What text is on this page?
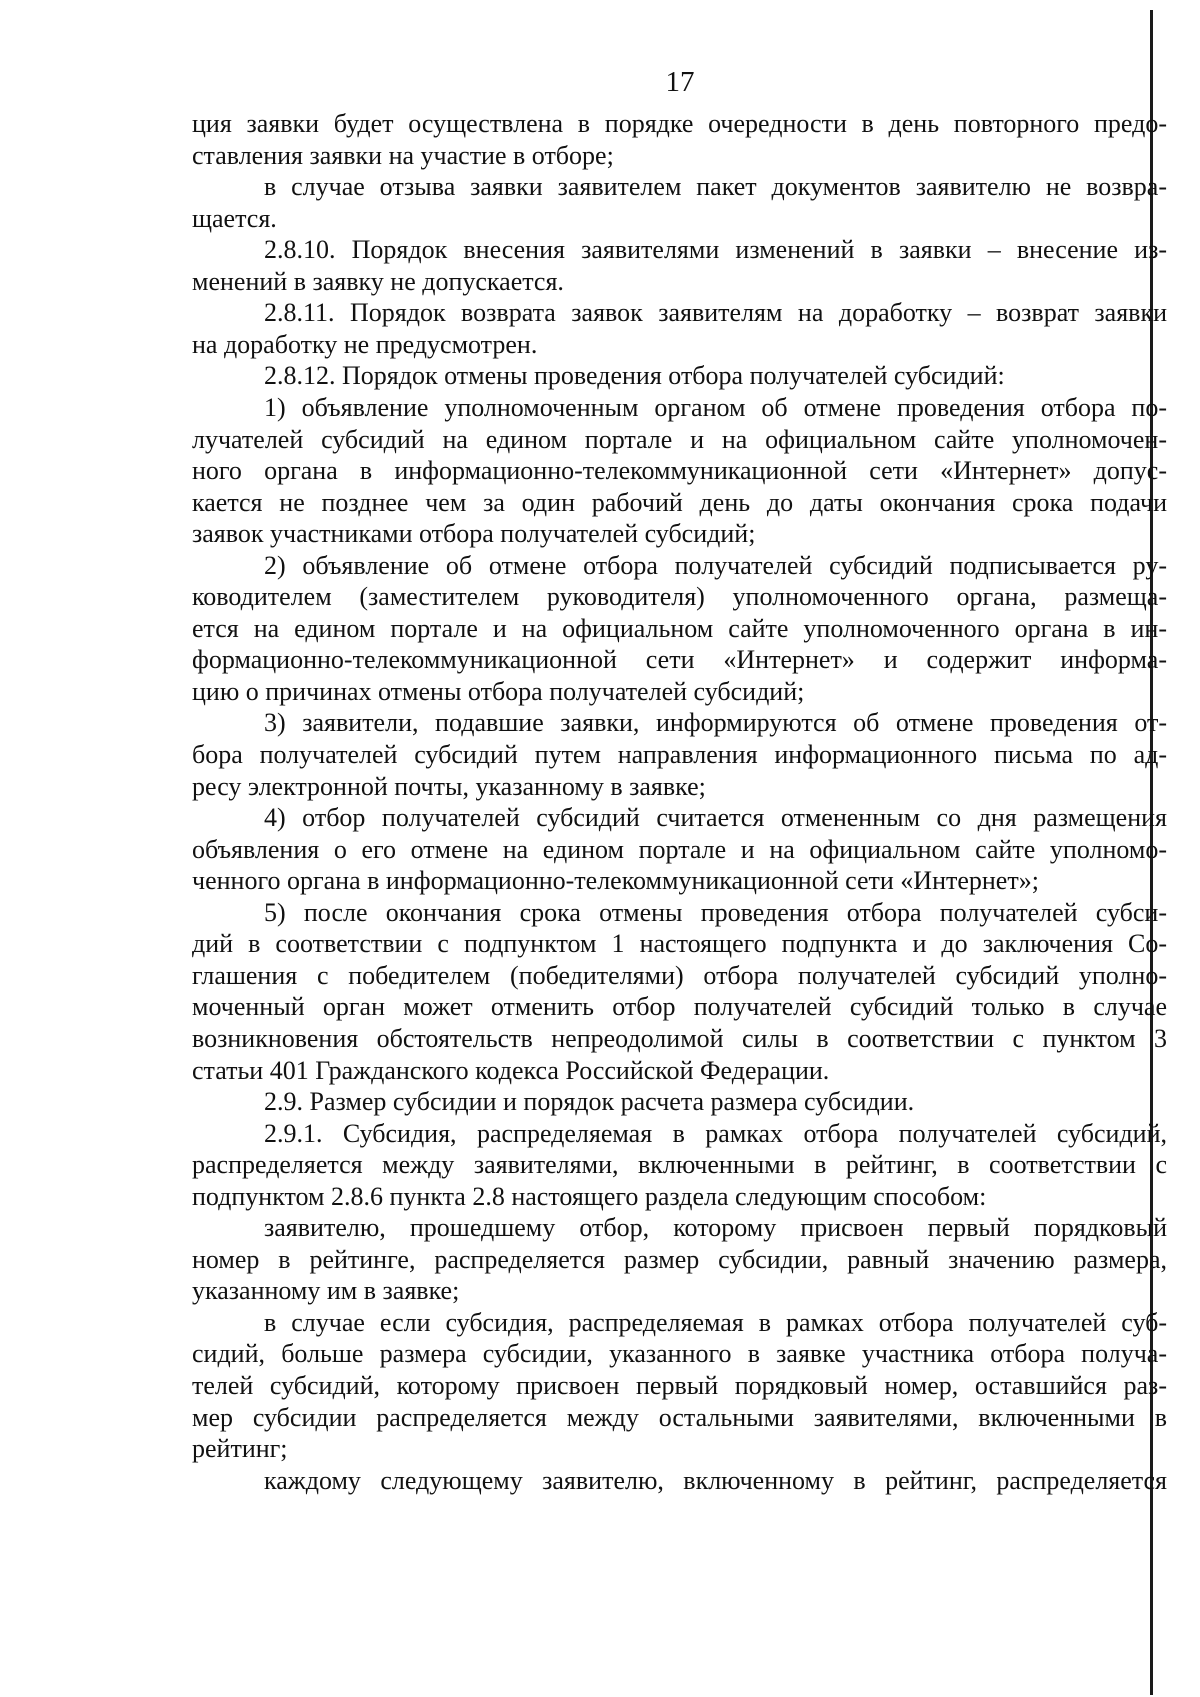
17
ция заявки будет осуществлена в порядке очередности в день повторного предо-
ставления заявки на участие в отборе;
в случае отзыва заявки заявителем пакет документов заявителю не возвра-
щается.
2.8.10. Порядок внесения заявителями изменений в заявки – внесение из-
менений в заявку не допускается.
2.8.11. Порядок возврата заявок заявителям на доработку – возврат заявки
на доработку не предусмотрен.
2.8.12. Порядок отмены проведения отбора получателей субсидий:
1) объявление уполномоченным органом об отмене проведения отбора по-
лучателей субсидий на едином портале и на официальном сайте уполномочен-
ного органа в информационно-телекоммуникационной сети «Интернет» допус-
кается не позднее чем за один рабочий день до даты окончания срока подачи
заявок участниками отбора получателей субсидий;
2) объявление об отмене отбора получателей субсидий подписывается ру-
ководителем (заместителем руководителя) уполномоченного органа, размеща-
ется на едином портале и на официальном сайте уполномоченного органа в ин-
формационно-телекоммуникационной сети «Интернет» и содержит информа-
цию о причинах отмены отбора получателей субсидий;
3) заявители, подавшие заявки, информируются об отмене проведения от-
бора получателей субсидий путем направления информационного письма по ад-
ресу электронной почты, указанному в заявке;
4) отбор получателей субсидий считается отмененным со дня размещения
объявления о его отмене на едином портале и на официальном сайте уполномо-
ченного органа в информационно-телекоммуникационной сети «Интернет»;
5) после окончания срока отмены проведения отбора получателей субси-
дий в соответствии с подпунктом 1 настоящего подпункта и до заключения Со-
глашения с победителем (победителями) отбора получателей субсидий уполно-
моченный орган может отменить отбор получателей субсидий только в случае
возникновения обстоятельств непреодолимой силы в соответствии с пунктом 3
статьи 401 Гражданского кодекса Российской Федерации.
2.9. Размер субсидии и порядок расчета размера субсидии.
2.9.1. Субсидия, распределяемая в рамках отбора получателей субсидий,
распределяется между заявителями, включенными в рейтинг, в соответствии с
подпунктом 2.8.6 пункта 2.8 настоящего раздела следующим способом:
заявителю, прошедшему отбор, которому присвоен первый порядковый
номер в рейтинге, распределяется размер субсидии, равный значению размера,
указанному им в заявке;
в случае если субсидия, распределяемая в рамках отбора получателей суб-
сидий, больше размера субсидии, указанного в заявке участника отбора получа-
телей субсидий, которому присвоен первый порядковый номер, оставшийся раз-
мер субсидии распределяется между остальными заявителями, включенными в
рейтинг;
каждому следующему заявителю, включенному в рейтинг, распределяется
